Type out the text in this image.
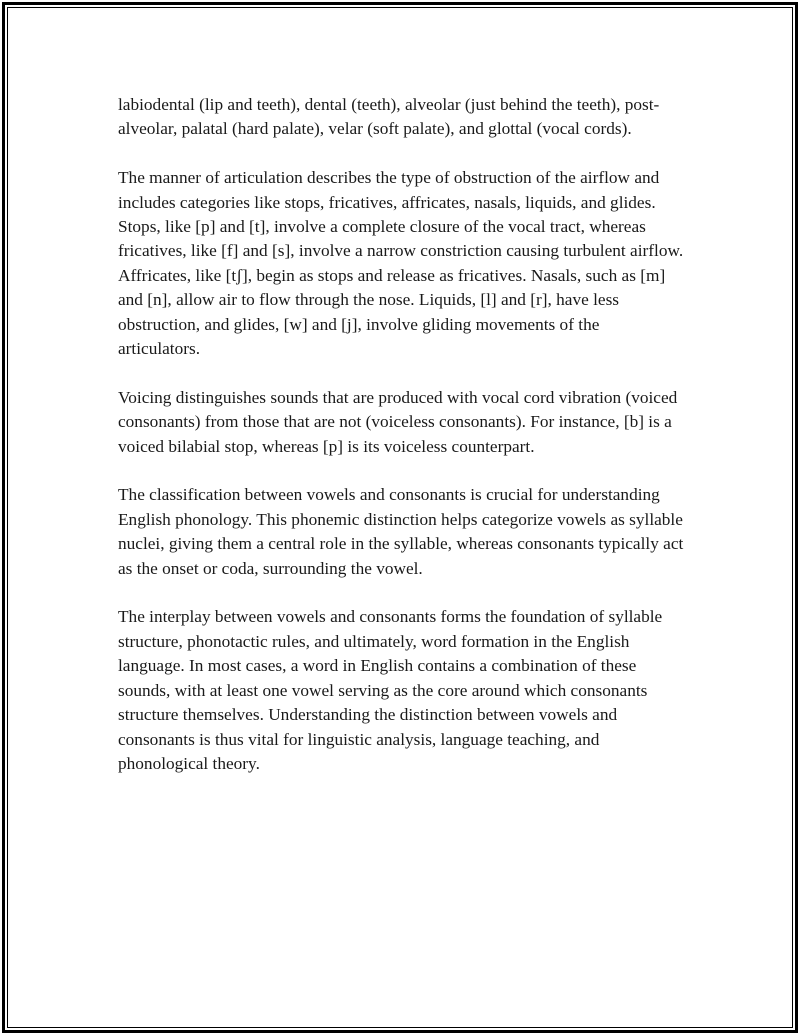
labiodental (lip and teeth), dental (teeth), alveolar (just behind the teeth), post-alveolar, palatal (hard palate), velar (soft palate), and glottal (vocal cords).

The manner of articulation describes the type of obstruction of the airflow and includes categories like stops, fricatives, affricates, nasals, liquids, and glides. Stops, like [p] and [t], involve a complete closure of the vocal tract, whereas fricatives, like [f] and [s], involve a narrow constriction causing turbulent airflow. Affricates, like [tʃ], begin as stops and release as fricatives. Nasals, such as [m] and [n], allow air to flow through the nose. Liquids, [l] and [r], have less obstruction, and glides, [w] and [j], involve gliding movements of the articulators.

Voicing distinguishes sounds that are produced with vocal cord vibration (voiced consonants) from those that are not (voiceless consonants). For instance, [b] is a voiced bilabial stop, whereas [p] is its voiceless counterpart.

The classification between vowels and consonants is crucial for understanding English phonology. This phonemic distinction helps categorize vowels as syllable nuclei, giving them a central role in the syllable, whereas consonants typically act as the onset or coda, surrounding the vowel.

The interplay between vowels and consonants forms the foundation of syllable structure, phonotactic rules, and ultimately, word formation in the English language. In most cases, a word in English contains a combination of these sounds, with at least one vowel serving as the core around which consonants structure themselves. Understanding the distinction between vowels and consonants is thus vital for linguistic analysis, language teaching, and phonological theory.
